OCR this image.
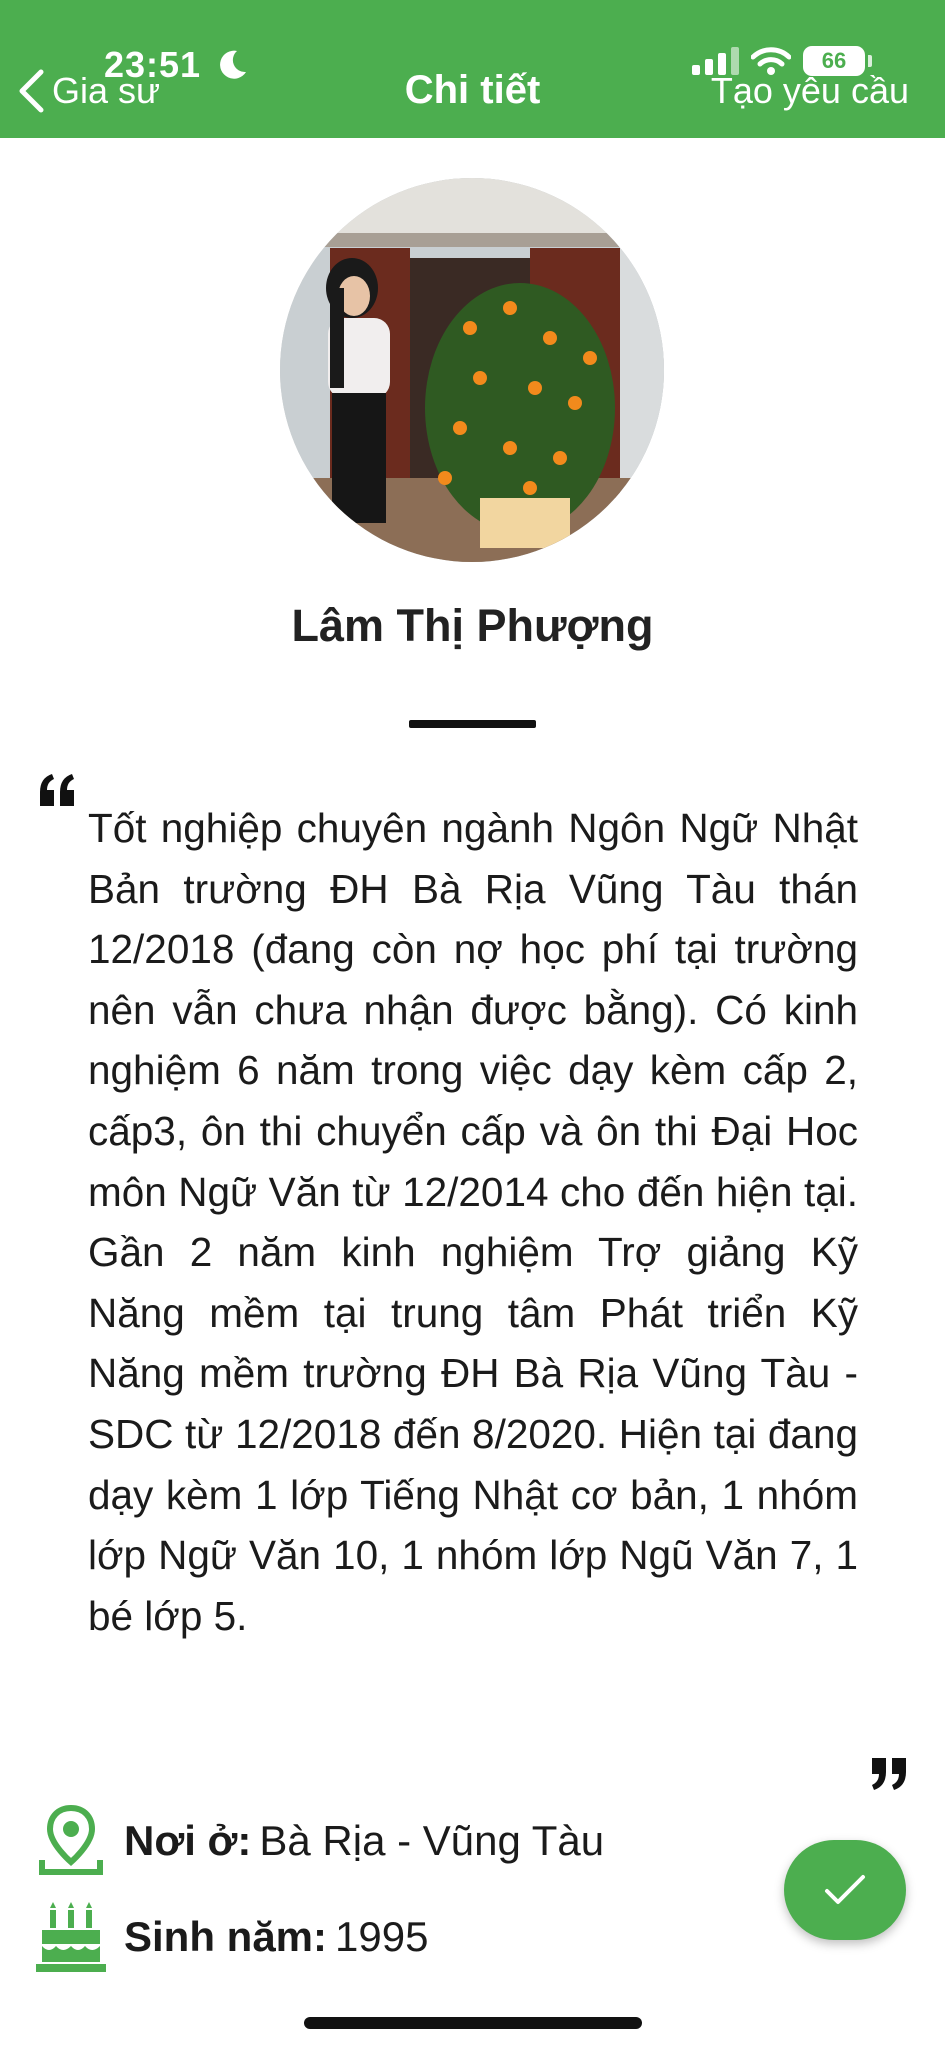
23:51
Gia sư	Chi tiết
66
Tạo yêu cầu
Lâm Thị Phượng

Tốt nghiệp chuyên ngành Ngôn Ngữ Nhật Bản trường ĐH Bà Rịa Vũng Tàu thán 12/2018 (đang còn nợ học phí tại trường nên vẫn chưa nhận được bằng). Có kinh nghiệm 6 năm trong việc dạy kèm cấp 2, cấp3, ôn thi chuyển cấp và ôn thi Đại Hoc môn Ngữ Văn từ 12/2014 cho đến hiện tại. Gần 2 năm kinh nghiệm Trợ giảng Kỹ Năng mềm tại trung tâm Phát triển Kỹ Năng mềm trường ĐH Bà Rịa Vũng Tàu -SDC từ 12/2018 đến 8/2020. Hiện tại đang dạy kèm 1 lớp Tiếng Nhật cơ bản, 1 nhóm lớp Ngữ Văn 10, 1 nhóm lớp Ngũ Văn 7, 1 bé lớp 5.

Nơi ở: Bà Rịa - Vũng Tàu
Sinh năm: 1995
